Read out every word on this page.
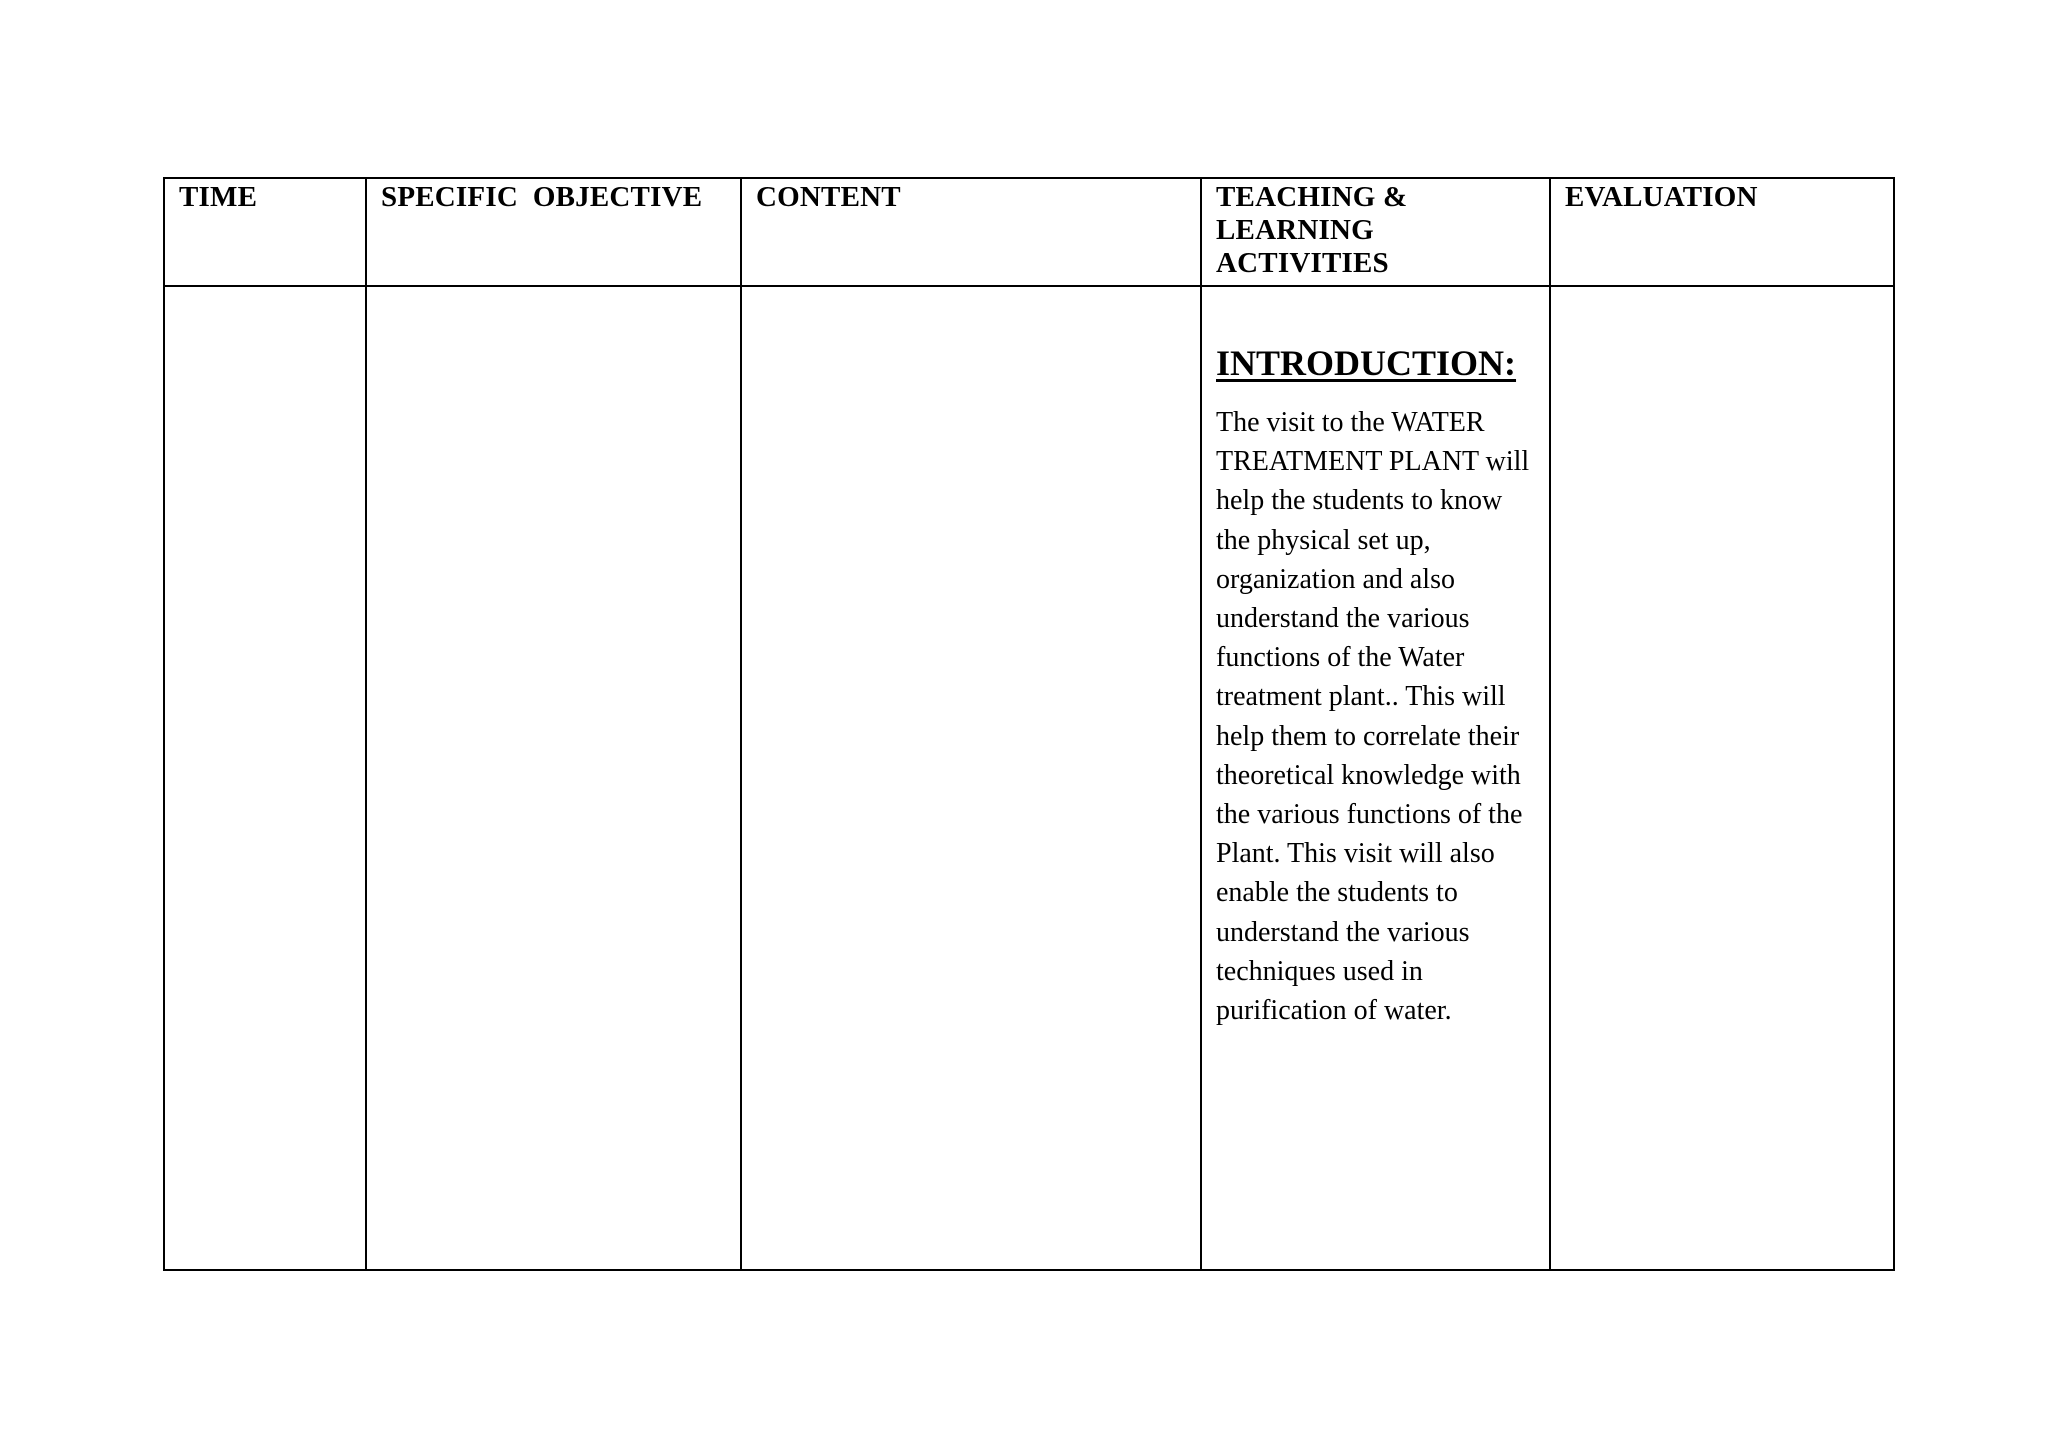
TIME	SPECIFIC  OBJECTIVE	CONTENT	TEACHING &
LEARNING
ACTIVITIES	EVALUATION

			INTRODUCTION:
The visit to the WATER TREATMENT PLANT will help the students to know the physical set up, organization and also understand the various functions of the Water treatment plant.. This will help them to correlate their theoretical knowledge with the various functions of the Plant. This visit will also enable the students to understand the various techniques used in purification of water.	
